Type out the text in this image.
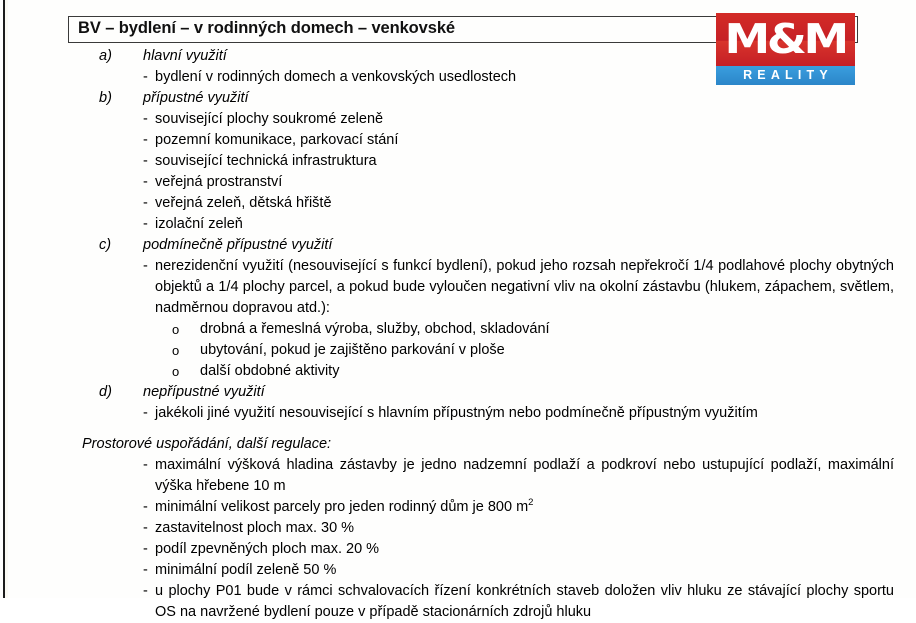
BV – bydlení – v rodinných domech – venkovské	M&M
REALITY
a)	hlavní využití
- bydlení v rodinných domech a venkovských usedlostech
b)	přípustné využití
- související plochy soukromé zeleně
- pozemní komunikace, parkovací stání
- související technická infrastruktura
- veřejná prostranství
- veřejná zeleň, dětská hřiště
- izolační zeleň
c)	podmínečně přípustné využití
- nerezidenční využití (nesouvisející s funkcí bydlení), pokud jeho rozsah nepřekročí 1/4 podlahové plochy obytných objektů a 1/4 plochy parcel, a pokud bude vyloučen negativní vliv na okolní zástavbu (hlukem, zápachem, světlem, nadměrnou dopravou atd.):
o drobná a řemeslná výroba, služby, obchod, skladování
o ubytování, pokud je zajištěno parkování v ploše
o další obdobné aktivity
d)	nepřípustné využití
- jakékoli jiné využití nesouvisející s hlavním přípustným nebo podmínečně přípustným využitím
Prostorové uspořádání, další regulace:
- maximální výšková hladina zástavby je jedno nadzemní podlaží a podkroví nebo ustupující podlaží, maximální výška hřebene 10 m
- minimální velikost parcely pro jeden rodinný dům je 800 $m^2$
- zastavitelnost ploch max. 30 %
- podíl zpevněných ploch max. 20 %
- minimální podíl zeleně 50 %
- u plochy P01 bude v rámci schvalovacích řízení konkrétních staveb doložen vliv hluku ze stávající plochy sportu OS na navržené bydlení pouze v případě stacionárních zdrojů hluku
